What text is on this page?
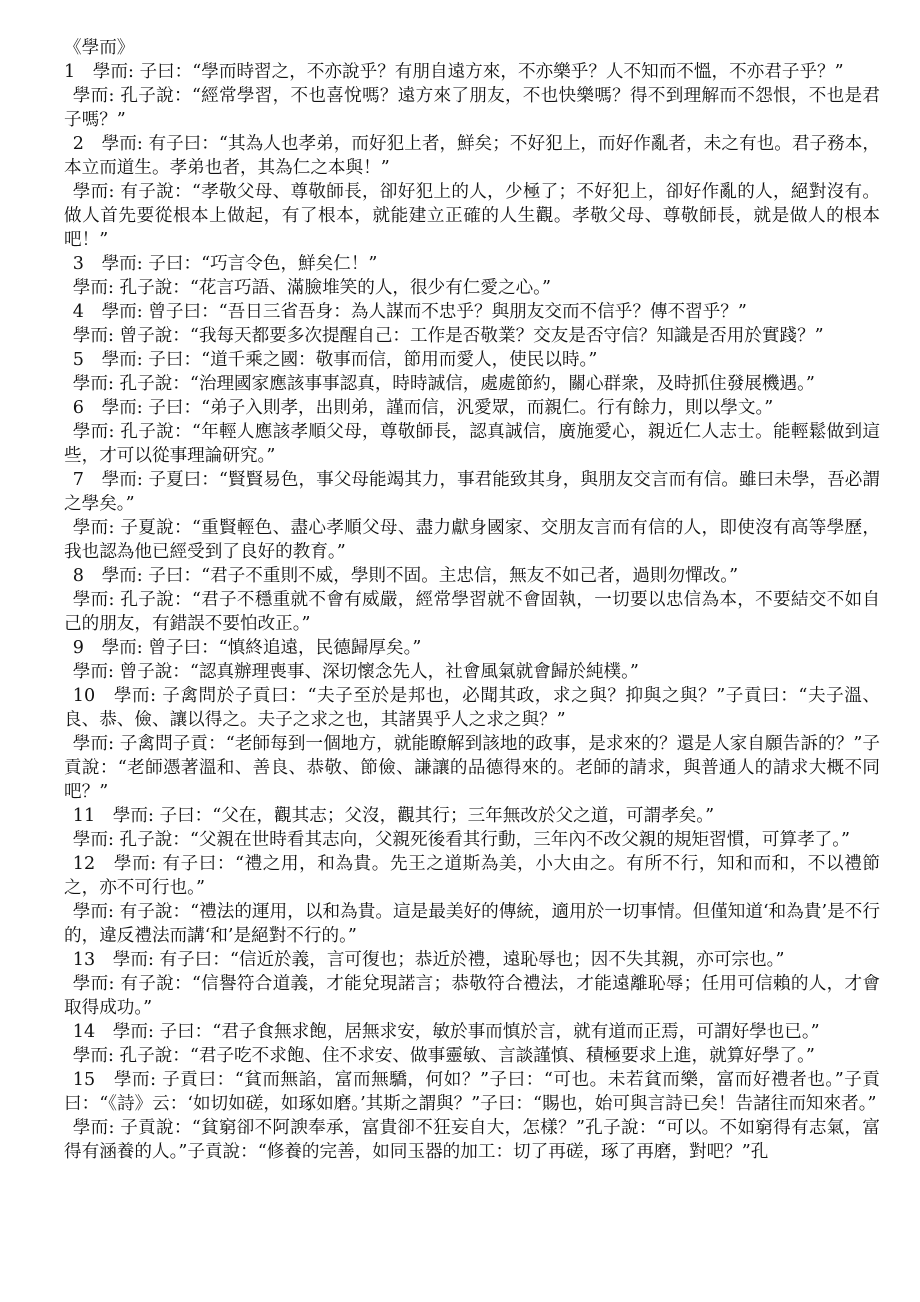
《學而》

1　學而: 子曰：“學而時習之，不亦說乎？有朋自遠方來，不亦樂乎？人不知而不慍，不亦君子乎？”

學而: 孔子說：“經常學習，不也喜悅嗎？遠方來了朋友，不也快樂嗎？得不到理解而不怨恨，不也是君子嗎？”

2　學而: 有子曰：“其為人也孝弟，而好犯上者，鮮矣；不好犯上，而好作亂者，未之有也。君子務本，本立而道生。孝弟也者，其為仁之本與！”

學而: 有子說：“孝敬父母、尊敬師長，卻好犯上的人，少極了；不好犯上，卻好作亂的人，絕對沒有。做人首先要從根本上做起，有了根本，就能建立正確的人生觀。孝敬父母、尊敬師長，就是做人的根本吧！”

3　學而: 子曰：“巧言令色，鮮矣仁！”

學而: 孔子說：“花言巧語、滿臉堆笑的人，很少有仁愛之心。”

4　學而: 曾子曰：“吾日三省吾身：為人謀而不忠乎？與朋友交而不信乎？傳不習乎？”

學而: 曾子說：“我每天都要多次提醒自己：工作是否敬業？交友是否守信？知識是否用於實踐？”

5　學而: 子曰：“道千乘之國：敬事而信，節用而愛人，使民以時。”

學而: 孔子說：“治理國家應該事事認真，時時誠信，處處節約，關心群衆，及時抓住發展機遇。”

6　學而: 子曰：“弟子入則孝，出則弟，謹而信，汎愛眾，而親仁。行有餘力，則以學文。”

學而: 孔子說：“年輕人應該孝順父母，尊敬師長，認真誠信，廣施愛心，親近仁人志士。能輕鬆做到這些，才可以從事理論研究。”

7　學而: 子夏曰：“賢賢易色，事父母能竭其力，事君能致其身，與朋友交言而有信。雖曰未學，吾必謂之學矣。”

學而: 子夏說：“重賢輕色、盡心孝順父母、盡力獻身國家、交朋友言而有信的人，即使沒有高等學歷，我也認為他已經受到了良好的教育。”

8　學而: 子曰：“君子不重則不威，學則不固。主忠信，無友不如己者，過則勿憚改。”

學而: 孔子說：“君子不穩重就不會有威嚴，經常學習就不會固執，一切要以忠信為本，不要結交不如自己的朋友，有錯誤不要怕改正。”

9　學而: 曾子曰：“慎終追遠，民德歸厚矣。”

學而: 曾子說：“認真辦理喪事、深切懷念先人，社會風氣就會歸於純樸。”

10　學而: 子禽問於子貢曰：“夫子至於是邦也，必聞其政，求之與？抑與之與？”子貢曰：“夫子溫、良、恭、儉、讓以得之。夫子之求之也，其諸異乎人之求之與？”

學而: 子禽問子貢：“老師每到一個地方，就能瞭解到該地的政事，是求來的？還是人家自願告訴的？”子貢說：“老師憑著溫和、善良、恭敬、節儉、謙讓的品德得來的。老師的請求，與普通人的請求大概不同吧？”

11　學而: 子曰：“父在，觀其志；父沒，觀其行；三年無改於父之道，可謂孝矣。”

學而: 孔子說：“父親在世時看其志向，父親死後看其行動，三年內不改父親的規矩習慣，可算孝了。”

12　學而: 有子曰：“禮之用，和為貴。先王之道斯為美，小大由之。有所不行，知和而和，不以禮節之，亦不可行也。”

學而: 有子說：“禮法的運用，以和為貴。這是最美好的傳統，適用於一切事情。但僅知道‘和為貴’是不行的，違反禮法而講‘和’是絕對不行的。”

13　學而: 有子曰：“信近於義，言可復也；恭近於禮，遠恥辱也；因不失其親，亦可宗也。”

學而: 有子說：“信譽符合道義，才能兌現諾言；恭敬符合禮法，才能遠離恥辱；任用可信賴的人，才會取得成功。”

14　學而: 子曰：“君子食無求飽，居無求安，敏於事而慎於言，就有道而正焉，可謂好學也已。”

學而: 孔子說：“君子吃不求飽、住不求安、做事靈敏、言談謹慎、積極要求上進，就算好學了。”

15　學而: 子貢曰：“貧而無諂，富而無驕，何如？”子曰：“可也。未若貧而樂，富而好禮者也。”子貢曰：“《詩》云：‘如切如磋，如琢如磨。’其斯之謂與？”子曰：“賜也，始可與言詩已矣！告諸往而知來者。”

學而: 子貢說：“貧窮卻不阿諛奉承，富貴卻不狂妄自大，怎樣？”孔子說：“可以。不如窮得有志氣，富得有涵養的人。”子貢說：“修養的完善，如同玉器的加工：切了再磋，琢了再磨，對吧？”孔
